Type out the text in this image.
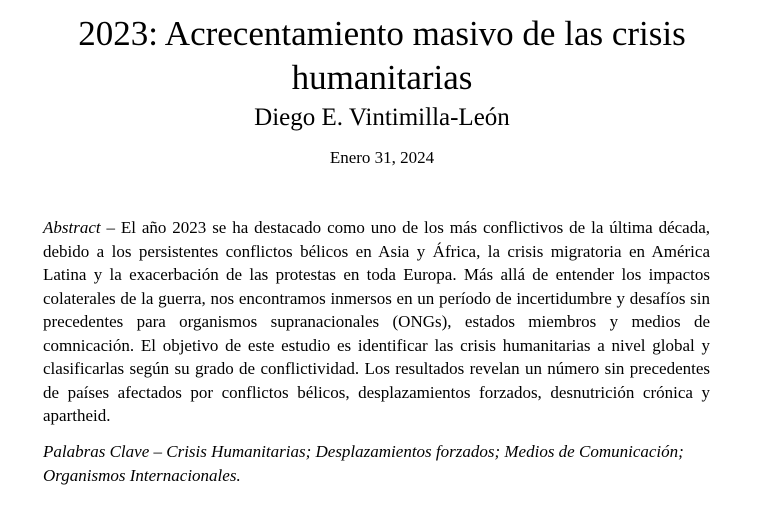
2023: Acrecentamiento masivo de las crisis humanitarias

Diego E. Vintimilla-León

Enero 31, 2024

Abstract – El año 2023 se ha destacado como uno de los más conflictivos de la última década, debido a los persistentes conflictos bélicos en Asia y África, la crisis migratoria en América Latina y la exacerbación de las protestas en toda Europa. Más allá de entender los impactos colaterales de la guerra, nos encontramos inmersos en un período de incertidumbre y desafíos sin precedentes para organismos supranacionales (ONGs), estados miembros y medios de comnicación. El objetivo de este estudio es identificar las crisis humanitarias a nivel global y clasificarlas según su grado de conflictividad. Los resultados revelan un número sin precedentes de países afectados por conflictos bélicos, desplazamientos forzados, desnutrición crónica y apartheid.

Palabras Clave – Crisis Humanitarias; Desplazamientos forzados; Medios de Comunicación; Organismos Internacionales.
